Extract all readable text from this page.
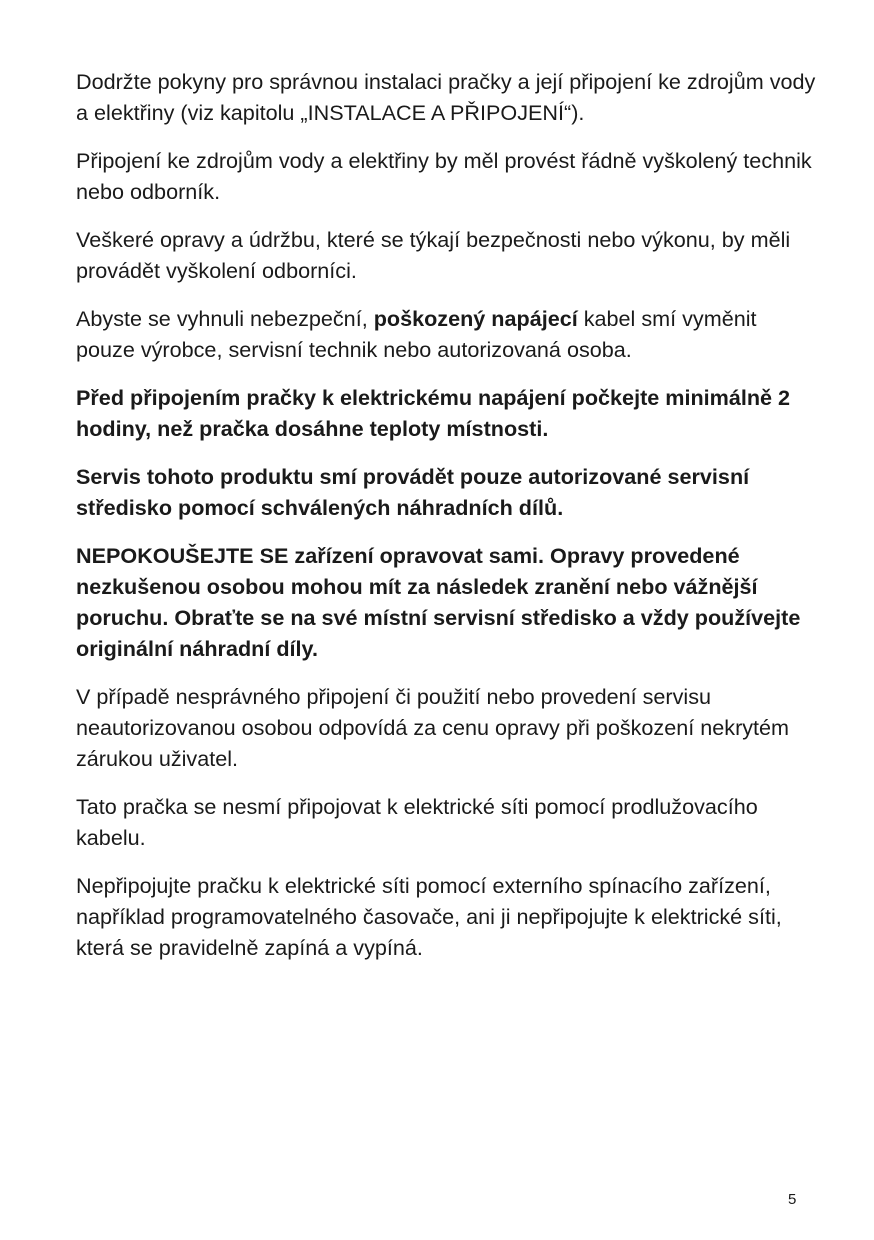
Dodržte pokyny pro správnou instalaci pračky a její připojení ke zdrojům vody a elektřiny (viz kapitolu „INSTALACE A PŘIPOJENÍ“).

Připojení ke zdrojům vody a elektřiny by měl provést řádně vyškolený technik nebo odborník.

Veškeré opravy a údržbu, které se týkají bezpečnosti nebo výkonu, by měli provádět vyškolení odborníci.

Abyste se vyhnuli nebezpeční, poškozený napájecí kabel smí vyměnit pouze výrobce, servisní technik nebo autorizovaná osoba.

Před připojením pračky k elektrickému napájení počkejte minimálně 2 hodiny, než pračka dosáhne teploty místnosti.

Servis tohoto produktu smí provádět pouze autorizované servisní středisko pomocí schválených náhradních dílů.

NEPOKOUŠEJTE SE zařízení opravovat sami. Opravy provedené nezkušenou osobou mohou mít za následek zranění nebo vážnější poruchu. Obraťte se na své místní servisní středisko a vždy používejte originální náhradní díly.

V případě nesprávného připojení či použití nebo provedení servisu neautorizovanou osobou odpovídá za cenu opravy při poškození nekrytém zárukou uživatel.

Tato pračka se nesmí připojovat k elektrické síti pomocí prodlužovacího kabelu.

Nepřipojujte pračku k elektrické síti pomocí externího spínacího zařízení, například programovatelného časovače, ani ji nepřipojujte k elektrické síti, která se pravidelně zapíná a vypíná.

5
